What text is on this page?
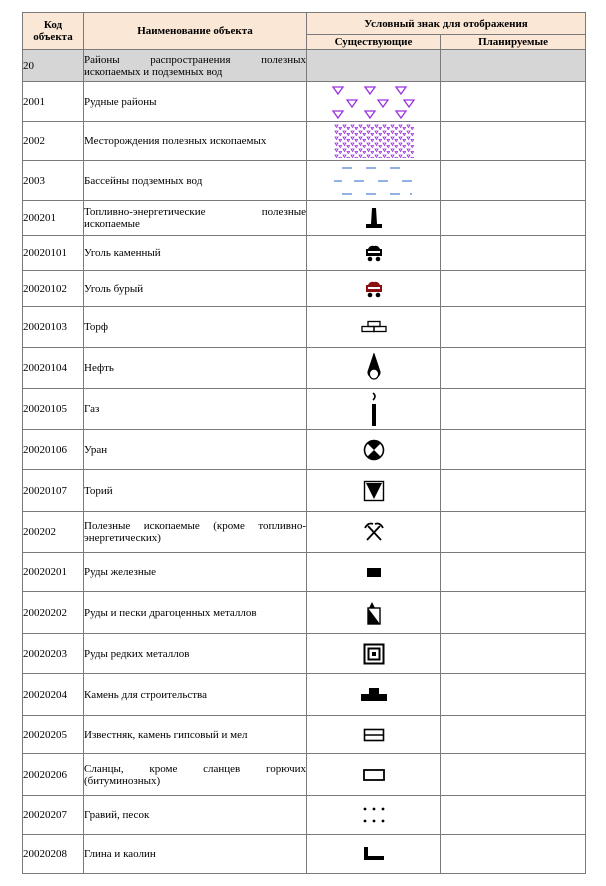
Код объекта	Наименование объекта	Условный знак для отображения	
		Существующие	Планируемые
20	Районы распространения полезных ископаемых и подземных вод		
2001	Рудные районы		
2002	Месторождения полезных ископаемых		
2003	Бассейны подземных вод		
200201	Топливно-энергетические полезные ископаемые		
20020101	Уголь каменный		
20020102	Уголь бурый		
20020103	Торф		
20020104	Нефть		
20020105	Газ		
20020106	Уран		
20020107	Торий		
200202	Полезные ископаемые (кроме топливно-энергетических)		
20020201	Руды железные		
20020202	Руды и пески драгоценных металлов		
20020203	Руды редких металлов		
20020204	Камень для строительства		
20020205	Известняк, камень гипсовый и мел		
20020206	Сланцы, кроме сланцев горючих (битуминозных)		
20020207	Гравий, песок		
20020208	Глина и каолин		
